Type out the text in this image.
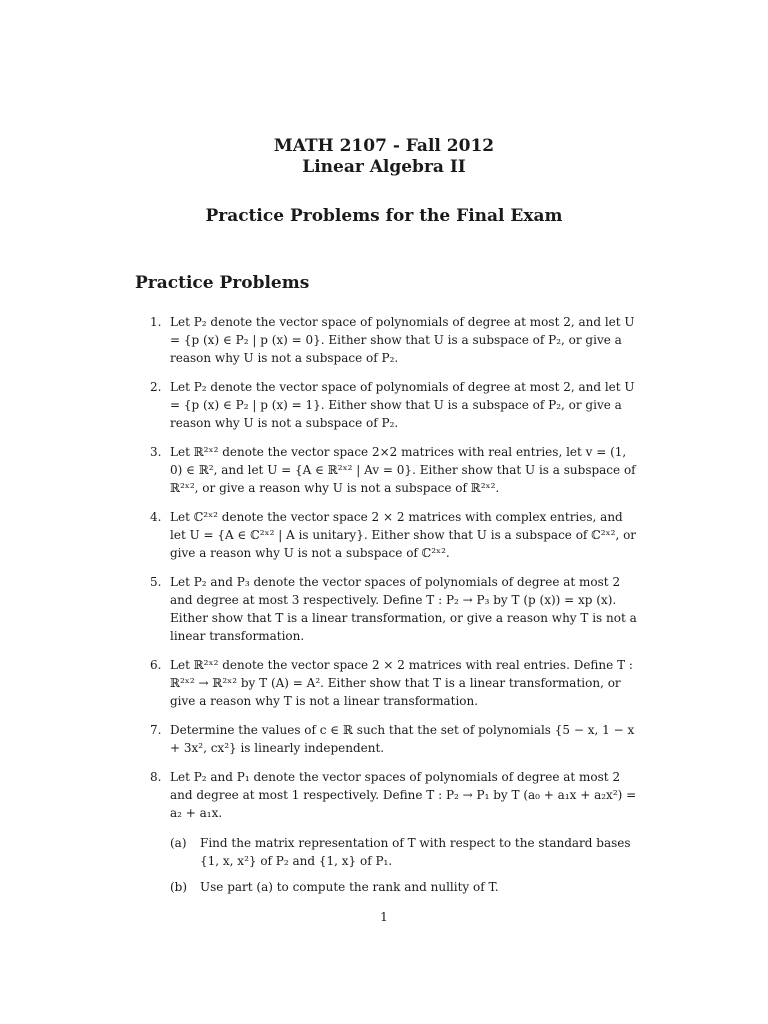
MATH 2107 - Fall 2012
Linear Algebra II
Practice Problems for the Final Exam
Practice Problems
1. Let P₂ denote the vector space of polynomials of degree at most 2, and let U = {p (x) ∈ P₂ | p (x) = 0}. Either show that U is a subspace of P₂, or give a reason why U is not a subspace of P₂.
2. Let P₂ denote the vector space of polynomials of degree at most 2, and let U = {p (x) ∈ P₂ | p (x) = 1}. Either show that U is a subspace of P₂, or give a reason why U is not a subspace of P₂.
3. Let ℝ²ˣ² denote the vector space 2×2 matrices with real entries, let v = (1, 0) ∈ ℝ², and let U = {A ∈ ℝ²ˣ² | Av = 0}. Either show that U is a subspace of ℝ²ˣ², or give a reason why U is not a subspace of ℝ²ˣ².
4. Let ℂ²ˣ² denote the vector space 2 × 2 matrices with complex entries, and let U = {A ∈ ℂ²ˣ² | A is unitary}. Either show that U is a subspace of ℂ²ˣ², or give a reason why U is not a subspace of ℂ²ˣ².
5. Let P₂ and P₃ denote the vector spaces of polynomials of degree at most 2 and degree at most 3 respectively. Define T : P₂ → P₃ by T (p (x)) = xp (x). Either show that T is a linear transformation, or give a reason why T is not a linear transformation.
6. Let ℝ²ˣ² denote the vector space 2 × 2 matrices with real entries. Define T : ℝ²ˣ² → ℝ²ˣ² by T (A) = A². Either show that T is a linear transformation, or give a reason why T is not a linear transformation.
7. Determine the values of c ∈ ℝ such that the set of polynomials {5 − x, 1 − x + 3x², cx²} is linearly independent.
8. Let P₂ and P₁ denote the vector spaces of polynomials of degree at most 2 and degree at most 1 respectively. Define T : P₂ → P₁ by T (a₀ + a₁x + a₂x²) = a₂ + a₁x.
(a) Find the matrix representation of T with respect to the standard bases {1, x, x²} of P₂ and {1, x} of P₁.
(b) Use part (a) to compute the rank and nullity of T.
1
